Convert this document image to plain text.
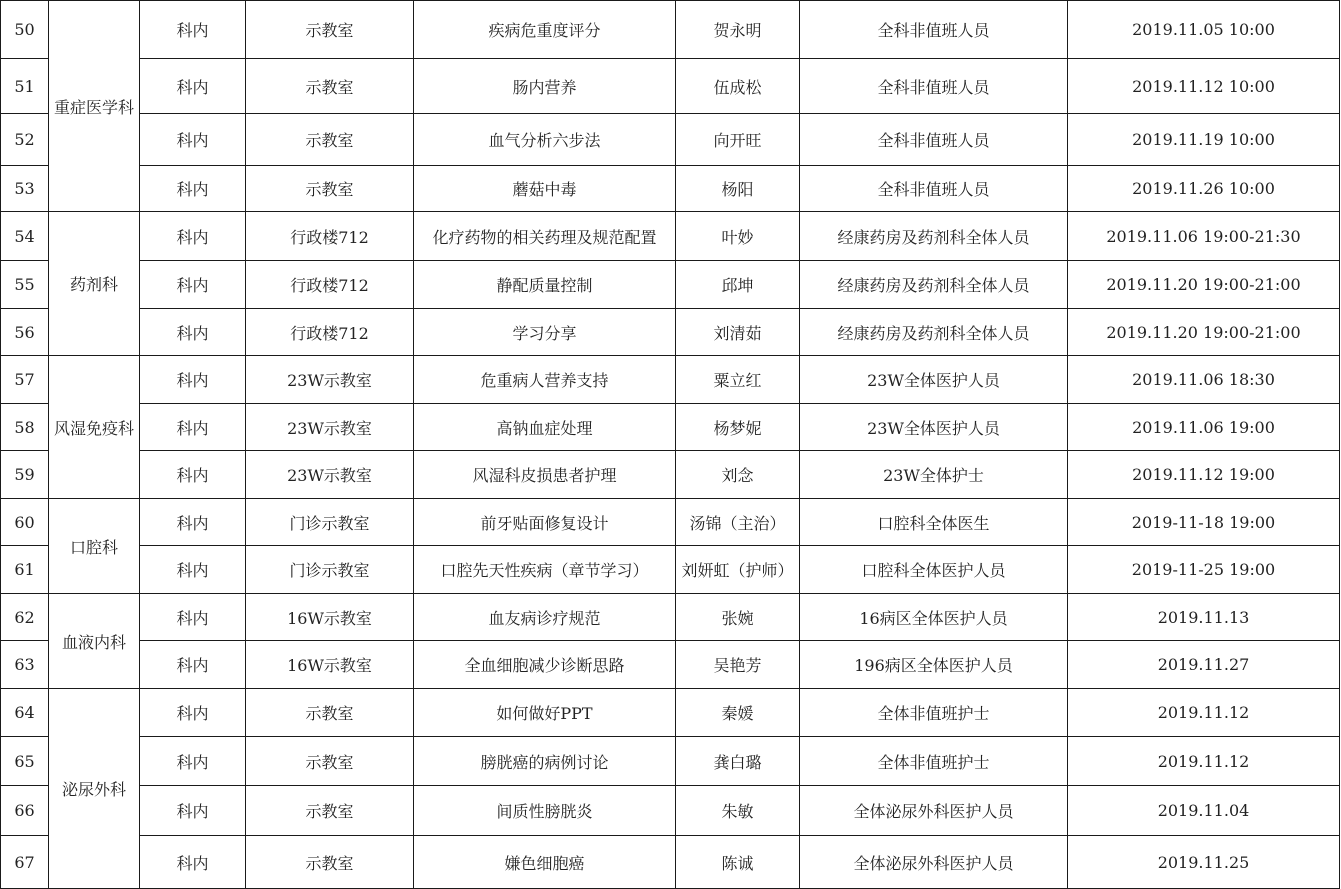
50	重症医学科	科内	示教室	疾病危重度评分	贺永明	全科非值班人员	2019.11.05 10:00
51		科内	示教室	肠内营养	伍成松	全科非值班人员	2019.11.12 10:00
52		科内	示教室	血气分析六步法	向开旺	全科非值班人员	2019.11.19 10:00
53		科内	示教室	蘑菇中毒	杨阳	全科非值班人员	2019.11.26 10:00
54	药剂科	科内	行政楼712	化疗药物的相关药理及规范配置	叶妙	经康药房及药剂科全体人员	2019.11.06 19:00-21:30
55		科内	行政楼712	静配质量控制	邱坤	经康药房及药剂科全体人员	2019.11.20 19:00-21:00
56		科内	行政楼712	学习分享	刘清茹	经康药房及药剂科全体人员	2019.11.20 19:00-21:00
57	风湿免疫科	科内	23W示教室	危重病人营养支持	粟立红	23W全体医护人员	2019.11.06 18:30
58		科内	23W示教室	高钠血症处理	杨梦妮	23W全体医护人员	2019.11.06 19:00
59		科内	23W示教室	风湿科皮损患者护理	刘念	23W全体护士	2019.11.12 19:00
60	口腔科	科内	门诊示教室	前牙贴面修复设计	汤锦（主治）	口腔科全体医生	2019-11-18 19:00
61		科内	门诊示教室	口腔先天性疾病（章节学习）	刘妍虹（护师）	口腔科全体医护人员	2019-11-25 19:00
62	血液内科	科内	16W示教室	血友病诊疗规范	张婉	16病区全体医护人员	2019.11.13
63		科内	16W示教室	全血细胞减少诊断思路	吴艳芳	196病区全体医护人员	2019.11.27
64	泌尿外科	科内	示教室	如何做好PPT	秦媛	全体非值班护士	2019.11.12
65		科内	示教室	膀胱癌的病例讨论	龚白璐	全体非值班护士	2019.11.12
66		科内	示教室	间质性膀胱炎	朱敏	全体泌尿外科医护人员	2019.11.04
67		科内	示教室	嫌色细胞癌	陈诚	全体泌尿外科医护人员	2019.11.25
